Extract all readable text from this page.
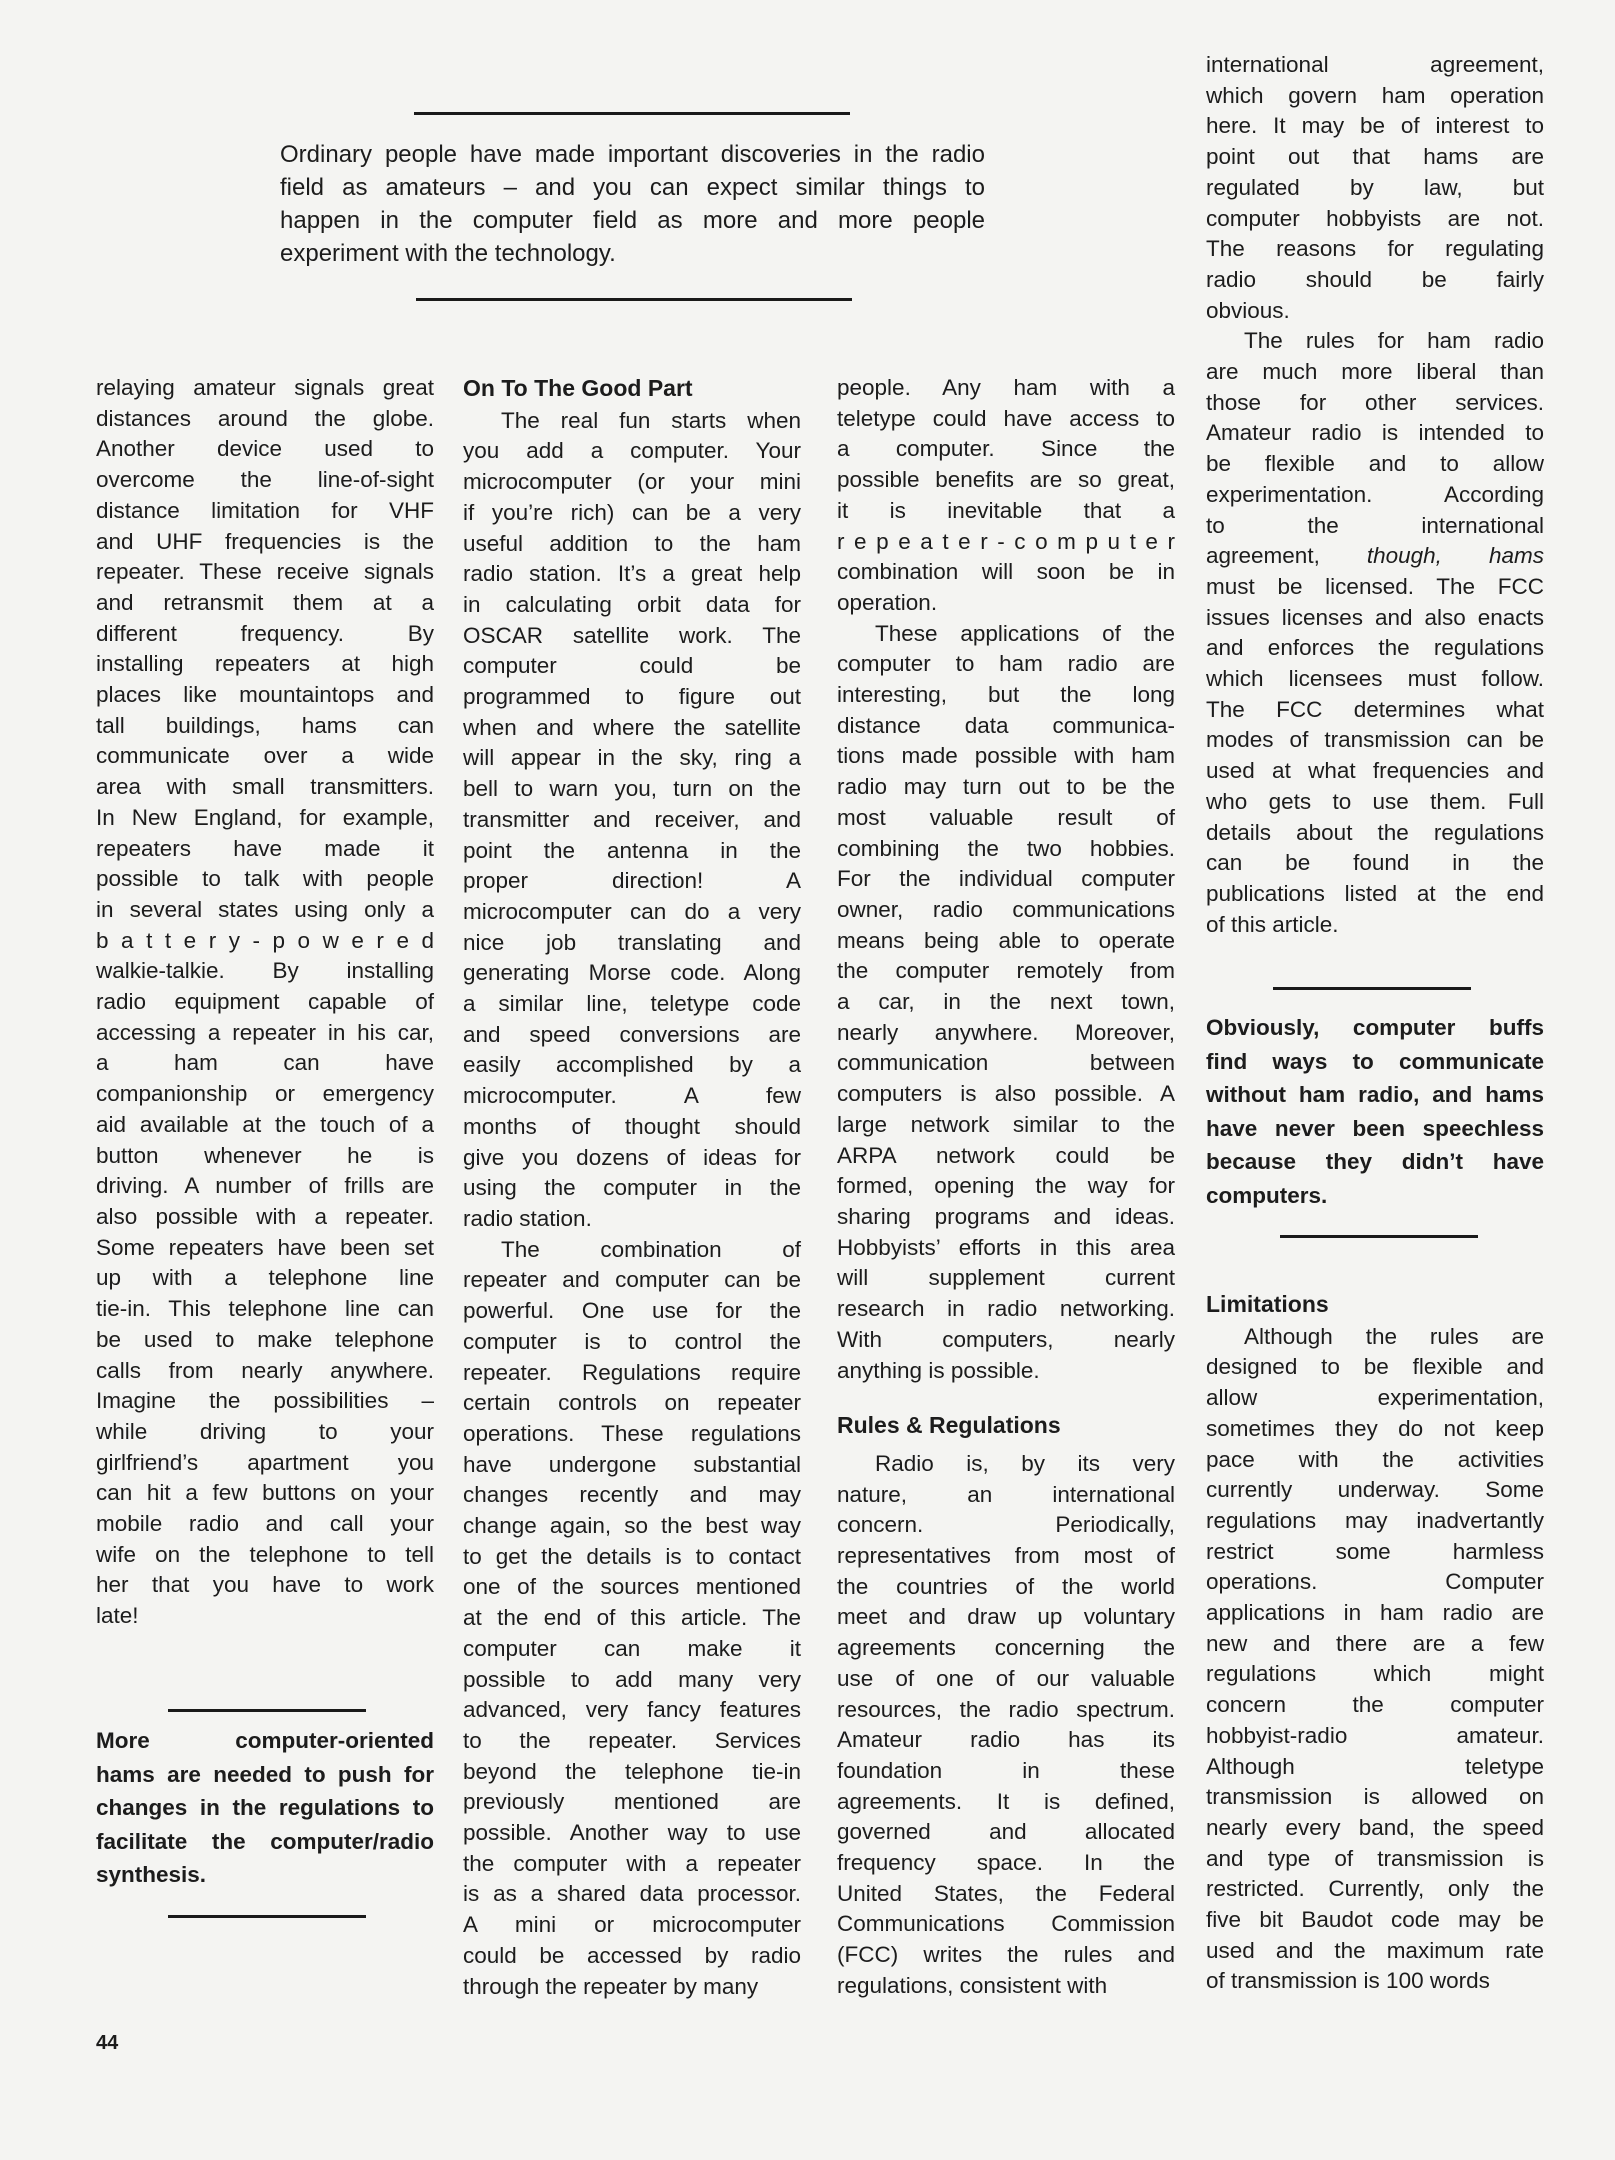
Ordinary people have made important discoveries in the radio
field as amateurs – and you can expect similar things to
happen in the computer field as more and more people
experiment with the technology.
relaying amateur signals great
distances around the globe.
Another device used to
overcome the line-of-sight
distance limitation for VHF
and UHF frequencies is the
repeater. These receive signals
and retransmit them at a
different frequency. By
installing repeaters at high
places like mountaintops and
tall buildings, hams can
communicate over a wide
area with small transmitters.
In New England, for example,
repeaters have made it
possible to talk with people
in several states using only a
b a t t e r y - p o w e r e d
walkie-talkie. By installing
radio equipment capable of
accessing a repeater in his car,
a ham can have
companionship or emergency
aid available at the touch of a
button whenever he is
driving. A number of frills are
also possible with a repeater.
Some repeaters have been set
up with a telephone line
tie-in. This telephone line can
be used to make telephone
calls from nearly anywhere.
Imagine the possibilities –
while driving to your
girlfriend’s apartment you
can hit a few buttons on your
mobile radio and call your
wife on the telephone to tell
her that you have to work
late!
More computer-oriented
hams are needed to push for
changes in the regulations to
facilitate the computer/radio
synthesis.
On To The Good Part
The real fun starts when
you add a computer. Your
microcomputer (or your mini
if you’re rich) can be a very
useful addition to the ham
radio station. It’s a great help
in calculating orbit data for
OSCAR satellite work. The
computer could be
programmed to figure out
when and where the satellite
will appear in the sky, ring a
bell to warn you, turn on the
transmitter and receiver, and
point the antenna in the
proper direction! A
microcomputer can do a very
nice job translating and
generating Morse code. Along
a similar line, teletype code
and speed conversions are
easily accomplished by a
microcomputer. A few
months of thought should
give you dozens of ideas for
using the computer in the
radio station.
The combination of
repeater and computer can be
powerful. One use for the
computer is to control the
repeater. Regulations require
certain controls on repeater
operations. These regulations
have undergone substantial
changes recently and may
change again, so the best way
to get the details is to contact
one of the sources mentioned
at the end of this article. The
computer can make it
possible to add many very
advanced, very fancy features
to the repeater. Services
beyond the telephone tie-in
previously mentioned are
possible. Another way to use
the computer with a repeater
is as a shared data processor.
A mini or microcomputer
could be accessed by radio
through the repeater by many
people. Any ham with a
teletype could have access to
a computer. Since the
possible benefits are so great,
it is inevitable that a
r e p e a t e r - c o m p u t e r
combination will soon be in
operation.
These applications of the
computer to ham radio are
interesting, but the long
distance data communica-
tions made possible with ham
radio may turn out to be the
most valuable result of
combining the two hobbies.
For the individual computer
owner, radio communications
means being able to operate
the computer remotely from
a car, in the next town,
nearly anywhere. Moreover,
communication between
computers is also possible. A
large network similar to the
ARPA network could be
formed, opening the way for
sharing programs and ideas.
Hobbyists’ efforts in this area
will supplement current
research in radio networking.
With computers, nearly
anything is possible.
Rules & Regulations
Radio is, by its very
nature, an international
concern. Periodically,
representatives from most of
the countries of the world
meet and draw up voluntary
agreements concerning the
use of one of our valuable
resources, the radio spectrum.
Amateur radio has its
foundation in these
agreements. It is defined,
governed and allocated
frequency space. In the
United States, the Federal
Communications Commission
(FCC) writes the rules and
regulations, consistent with
international agreement,
which govern ham operation
here. It may be of interest to
point out that hams are
regulated by law, but
computer hobbyists are not.
The reasons for regulating
radio should be fairly
obvious.
The rules for ham radio
are much more liberal than
those for other services.
Amateur radio is intended to
be flexible and to allow
experimentation. According
to the international
agreement, though, hams
must be licensed. The FCC
issues licenses and also enacts
and enforces the regulations
which licensees must follow.
The FCC determines what
modes of transmission can be
used at what frequencies and
who gets to use them. Full
details about the regulations
can be found in the
publications listed at the end
of this article.
Obviously, computer buffs
find ways to communicate
without ham radio, and hams
have never been speechless
because they didn’t have
computers.
Limitations
Although the rules are
designed to be flexible and
allow experimentation,
sometimes they do not keep
pace with the activities
currently underway. Some
regulations may inadvertantly
restrict some harmless
operations. Computer
applications in ham radio are
new and there are a few
regulations which might
concern the computer
hobbyist-radio amateur.
Although teletype
transmission is allowed on
nearly every band, the speed
and type of transmission is
restricted. Currently, only the
five bit Baudot code may be
used and the maximum rate
of transmission is 100 words
44
